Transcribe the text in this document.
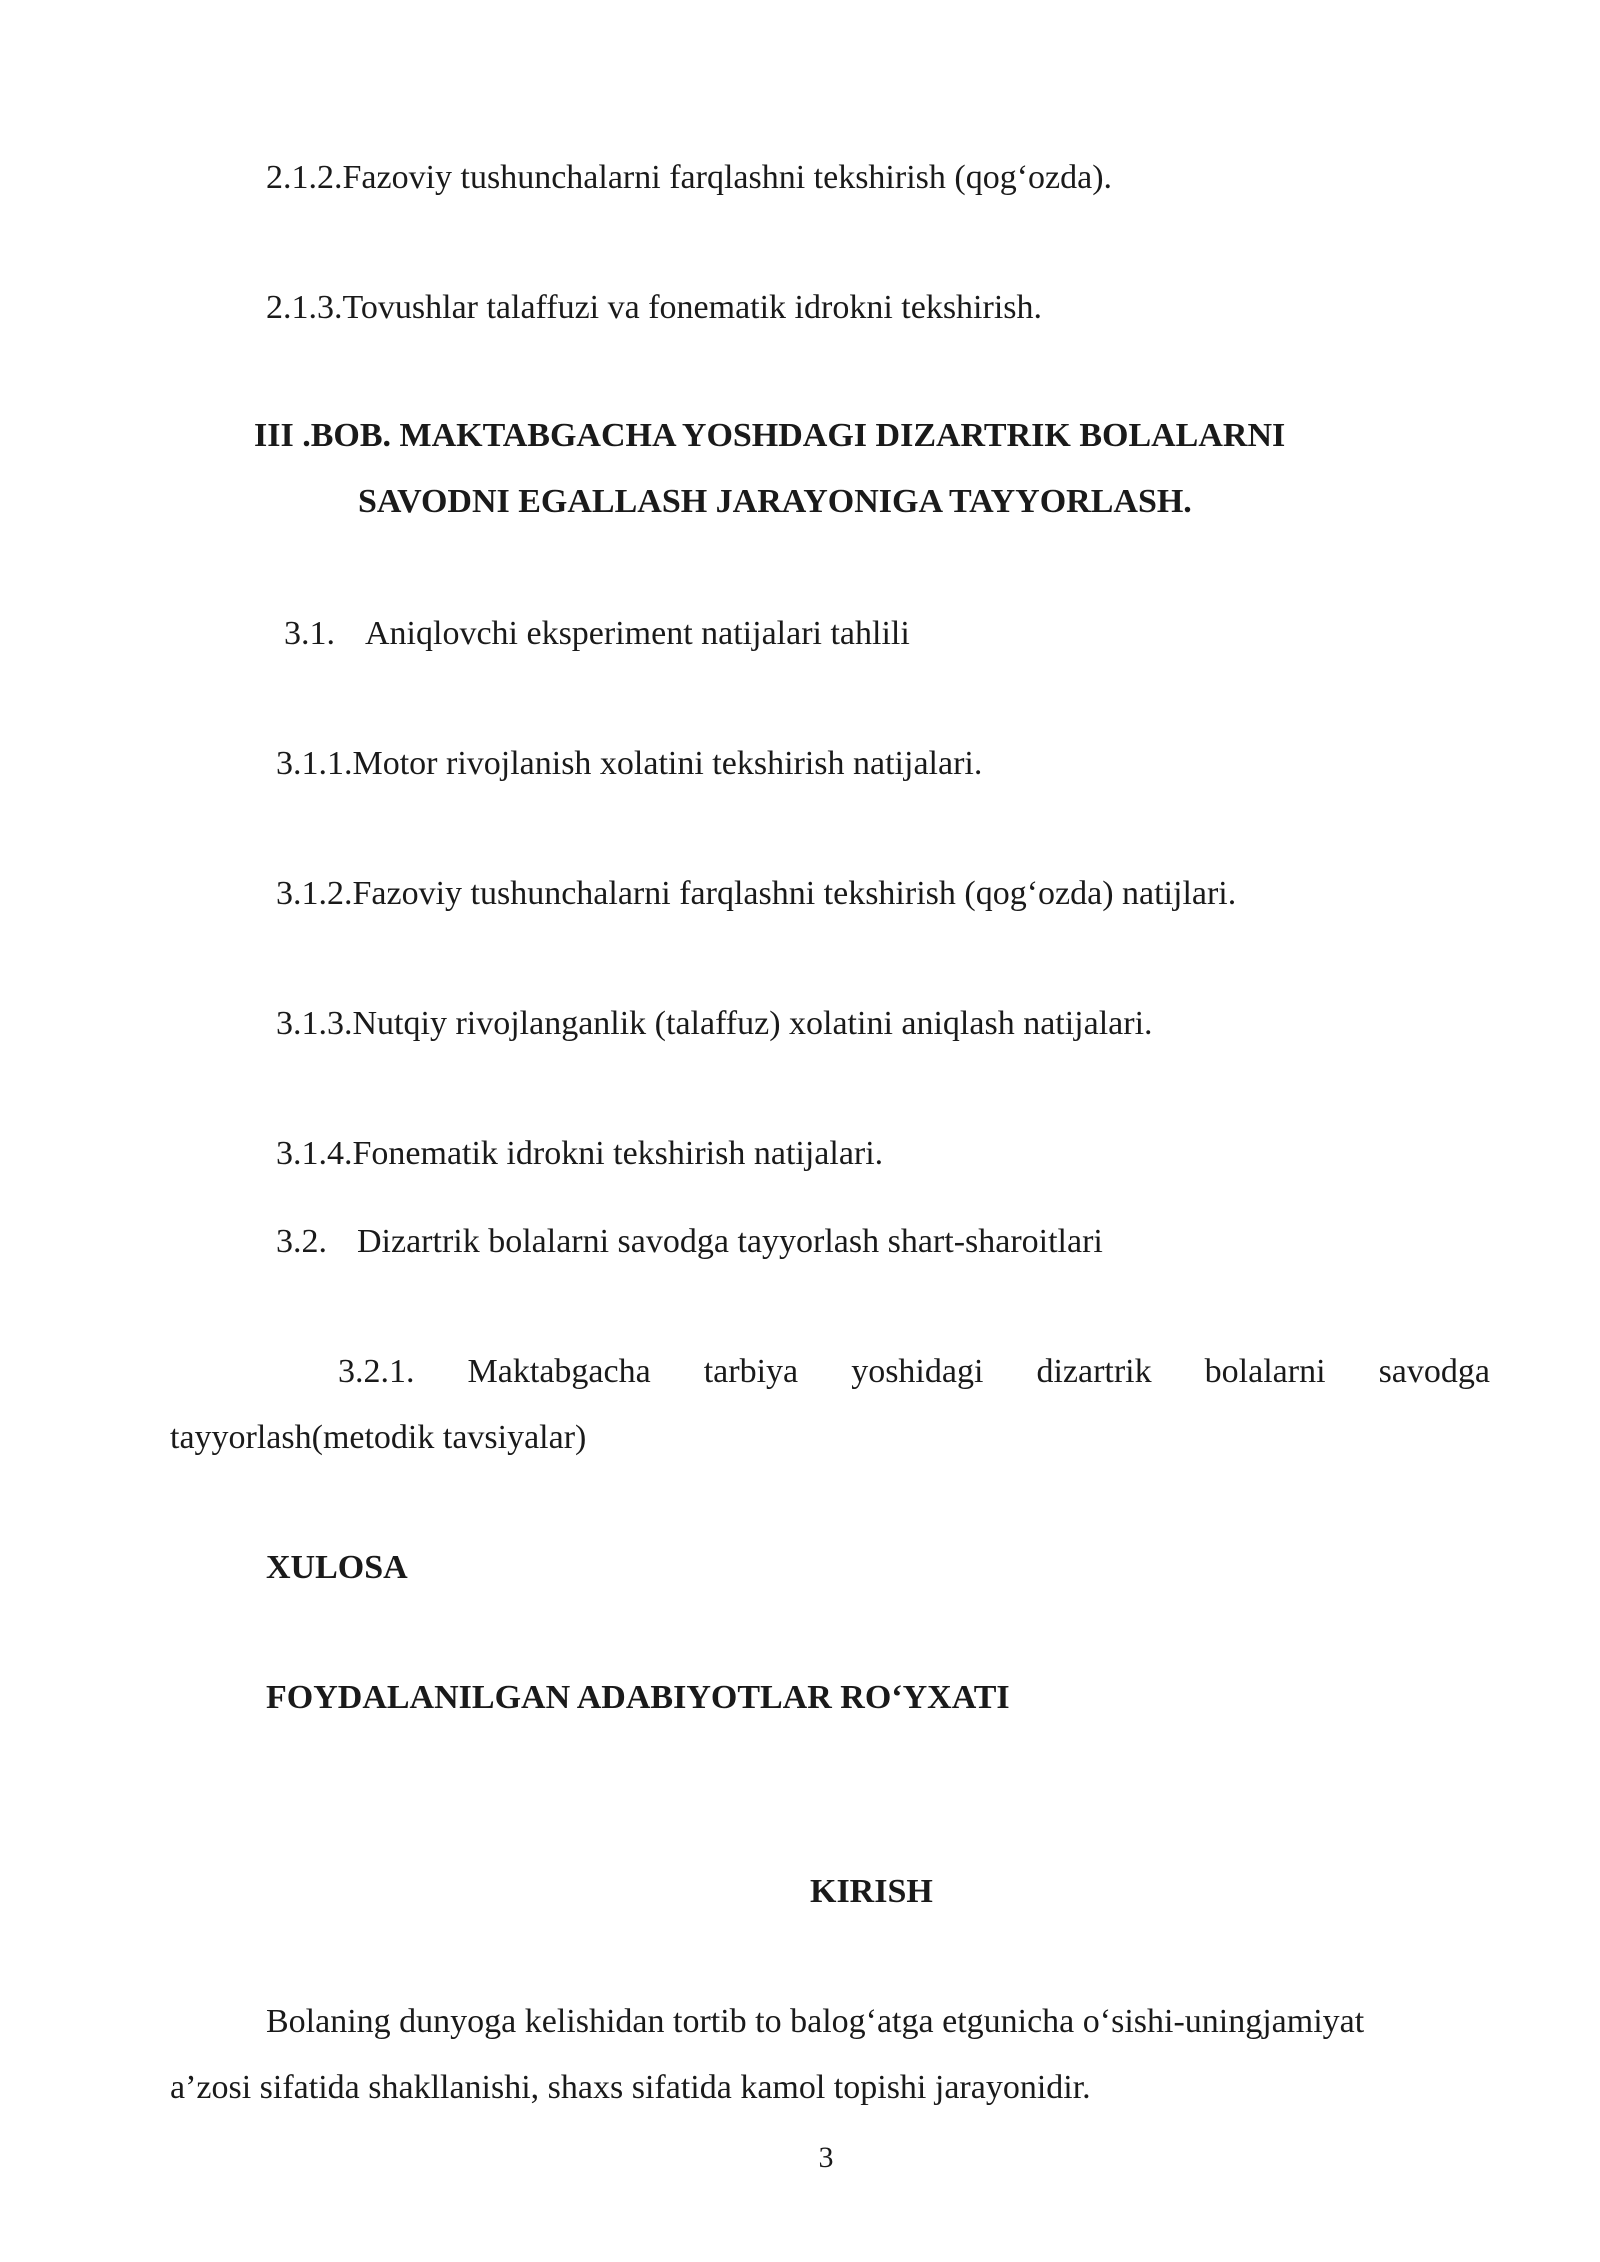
2.1.2.Fazoviy tushunchalarni farqlashni tekshirish (qog‘ozda).
2.1.3.Tovushlar talaffuzi va fonematik idrokni tekshirish.
III .BOB. MAKTABGACHA YOSHDAGI DIZARTRIK BOLALARNI
SAVODNI EGALLASH JARAYONIGA TAYYORLASH.
3.1. Aniqlovchi eksperiment natijalari tahlili
3.1.1.Motor rivojlanish xolatini tekshirish natijalari.
3.1.2.Fazoviy tushunchalarni farqlashni tekshirish (qog‘ozda) natijlari.
3.1.3.Nutqiy rivojlanganlik (talaffuz) xolatini aniqlash natijalari.
3.1.4.Fonematik idrokni tekshirish natijalari.
3.2. Dizartrik bolalarni savodga tayyorlash shart-sharoitlari
3.2.1. Maktabgacha tarbiya yoshidagi dizartrik bolalarni savodga
tayyorlash(metodik tavsiyalar)
XULOSA
FOYDALANILGAN ADABIYOTLAR RO‘YXATI
KIRISH
Bolaning dunyoga kelishidan tortib to balog‘atga etgunicha o‘sishi-uningjamiyat
a’zosi sifatida shakllanishi, shaxs sifatida kamol topishi jarayonidir.
3
